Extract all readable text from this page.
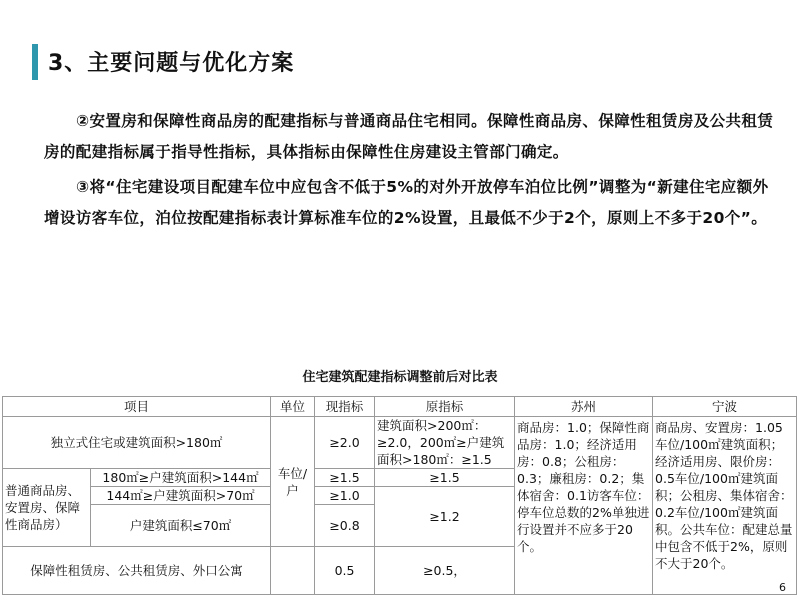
3、主要问题与优化方案
②安置房和保障性商品房的配建指标与普通商品住宅相同。保障性商品房、保障性租赁房及公共租赁房的配建指标属于指导性指标，具体指标由保障性住房建设主管部门确定。
③将“住宅建设项目配建车位中应包含不低于5%的对外开放停车泊位比例”调整为“新建住宅应额外增设访客车位，泊位按配建指标表计算标准车位的2%设置，且最低不少于2个，原则上不多于20个”。
住宅建筑配建指标调整前后对比表
项目		单位	现指标	原指标	苏州	宁波
独立式住宅或建筑面积>180㎡		车位/户	≥2.0	建筑面积>200㎡：≥2.0，200㎡≥户建筑面积>180㎡：≥1.5	商品房：1.0；保障性商品房：1.0；经济适用房：0.8；公租房：0.3；廉租房：0.2；集体宿舍：0.1访客车位：停车位总数的2%单独进行设置并不应多于20个。	商品房、安置房：1.05车位/100㎡建筑面积；经济适用房、限价房：0.5车位/100㎡建筑面积；公租房、集体宿舍：0.2车位/100㎡建筑面积。公共车位：配建总量中包含不低于2%，原则不大于20个。
普通商品房、安置房、保障性商品房）	180㎡≥户建筑面积>144㎡		≥1.5	≥1.5		
	144㎡≥户建筑面积>70㎡		≥1.0	≥1.2		
	户建筑面积≤70㎡		≥0.8			
保障性租赁房、公共租赁房、外口公寓			0.5	≥0.5，		
6
